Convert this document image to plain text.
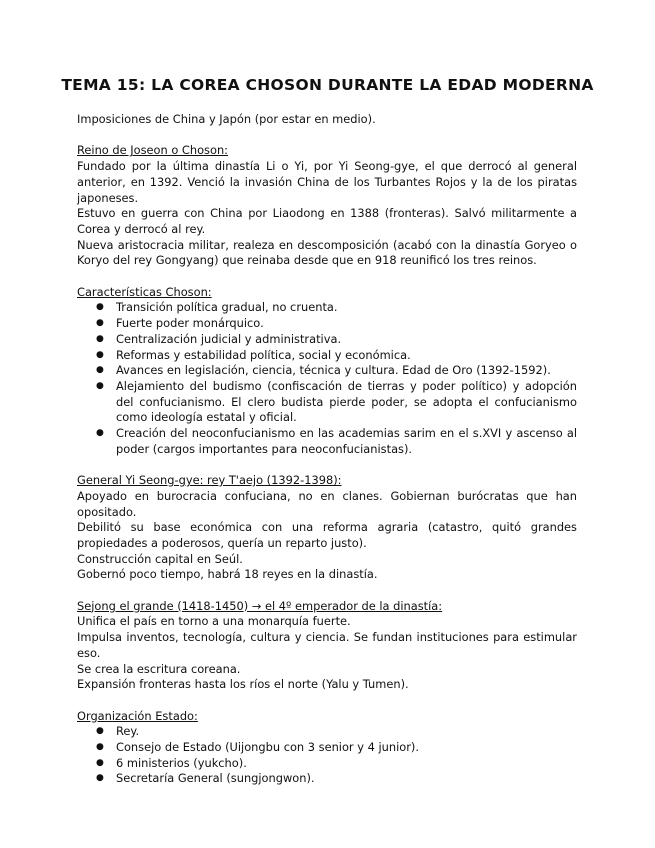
TEMA 15: LA COREA CHOSON DURANTE LA EDAD MODERNA

Imposiciones de China y Japón (por estar en medio).

Reino de Joseon o Choson:

Fundado por la última dinastía Li o Yi, por Yi Seong-gye, el que derrocó al general anterior, en 1392. Venció la invasión China de los Turbantes Rojos y la de los piratas japoneses.

Estuvo en guerra con China por Liaodong en 1388 (fronteras). Salvó militarmente a Corea y derrocó al rey.

Nueva aristocracia militar, realeza en descomposición (acabó con la dinastía Goryeo o Koryo del rey Gongyang) que reinaba desde que en 918 reunificó los tres reinos.

Características Choson:

● Transición política gradual, no cruenta.
● Fuerte poder monárquico.
● Centralización judicial y administrativa.
● Reformas y estabilidad política, social y económica.
● Avances en legislación, ciencia, técnica y cultura. Edad de Oro (1392-1592).
● Alejamiento del budismo (confiscación de tierras y poder político) y adopción del confucianismo. El clero budista pierde poder, se adopta el confucianismo como ideología estatal y oficial.
● Creación del neoconfucianismo en las academias sarim en el s.XVI y ascenso al poder (cargos importantes para neoconfucianistas).

General Yi Seong-gye: rey T'aejo (1392-1398):

Apoyado en burocracia confuciana, no en clanes. Gobiernan burócratas que han opositado.

Debilitó su base económica con una reforma agraria (catastro, quitó grandes propiedades a poderosos, quería un reparto justo).

Construcción capital en Seúl.

Gobernó poco tiempo, habrá 18 reyes en la dinastía.

Sejong el grande (1418-1450) → el 4º emperador de la dinastía:

Unifica el país en torno a una monarquía fuerte.

Impulsa inventos, tecnología, cultura y ciencia. Se fundan instituciones para estimular eso.

Se crea la escritura coreana.

Expansión fronteras hasta los ríos el norte (Yalu y Tumen).

Organización Estado:

● Rey.
● Consejo de Estado (Uijongbu con 3 senior y 4 junior).
● 6 ministerios (yukcho).
● Secretaría General (sungjongwon).
